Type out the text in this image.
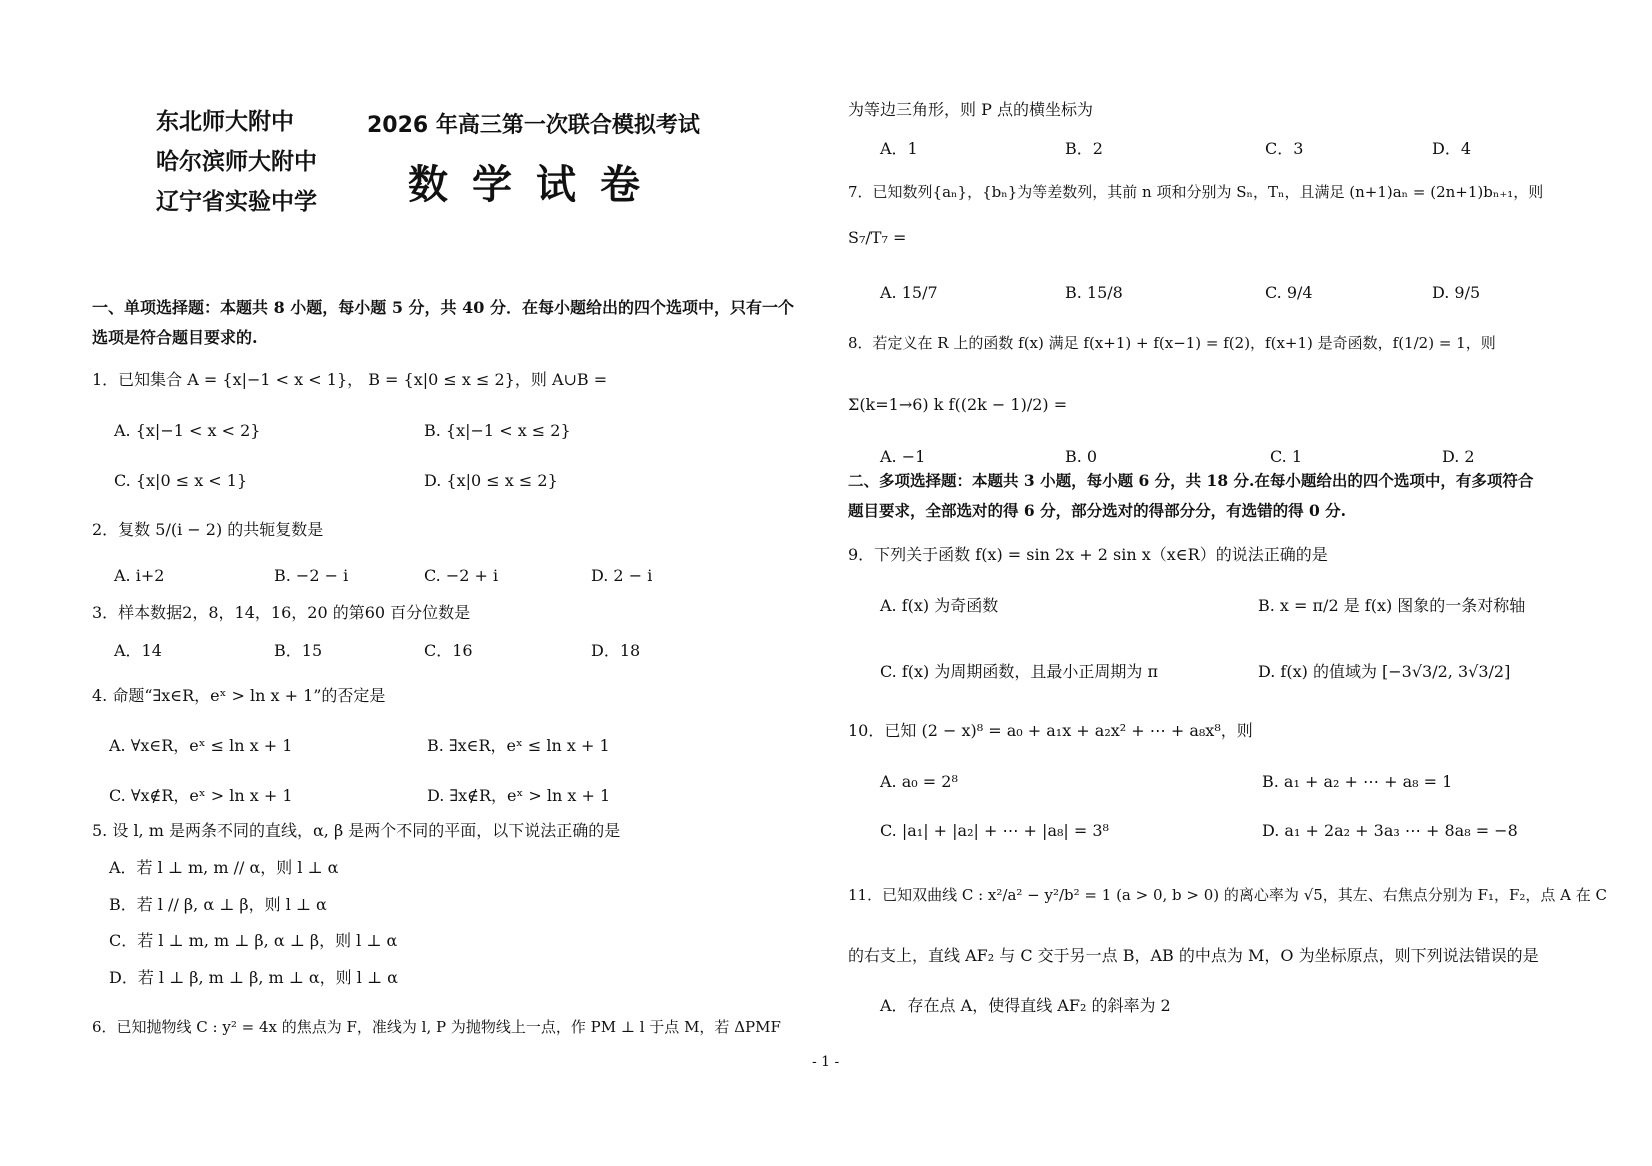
东北师大附中
哈尔滨师大附中
辽宁省实验中学
2026 年高三第一次联合模拟考试
数学试卷
一、单项选择题：本题共 8 小题，每小题 5 分，共 40 分．在每小题给出的四个选项中，只有一个
选项是符合题目要求的.
1．已知集合 A = {x|−1 < x < 1}， B = {x|0 ≤ x ≤ 2}，则 A∪B =
A. {x|−1 < x < 2}	B. {x|−1 < x ≤ 2}
C. {x|0 ≤ x < 1}	D. {x|0 ≤ x ≤ 2}
2．复数 5/(i − 2) 的共轭复数是
A. i+2	B. −2 − i	C. −2 + i	D. 2 − i
3．样本数据2，8，14，16，20 的第60 百分位数是
A．14	B．15	C．16	D．18
4. 命题“∃x∈R，eˣ > ln x + 1”的否定是
A. ∀x∈R，eˣ ≤ ln x + 1	B. ∃x∈R，eˣ ≤ ln x + 1
C. ∀x∉R，eˣ > ln x + 1	D. ∃x∉R，eˣ > ln x + 1
5. 设 l, m 是两条不同的直线，α, β 是两个不同的平面，以下说法正确的是
A．若 l ⊥ m, m // α，则 l ⊥ α
B．若 l // β, α ⊥ β，则 l ⊥ α
C．若 l ⊥ m, m ⊥ β, α ⊥ β，则 l ⊥ α
D．若 l ⊥ β, m ⊥ β, m ⊥ α，则 l ⊥ α
6．已知抛物线 C : y² = 4x 的焦点为 F，准线为 l, P 为抛物线上一点，作 PM ⊥ l 于点 M，若 ΔPMF
为等边三角形，则 P 点的横坐标为
A．1	B．2	C．3	D．4
7．已知数列{aₙ}，{bₙ}为等差数列，其前 n 项和分别为 Sₙ，Tₙ，且满足 (n+1)aₙ = (2n+1)bₙ₊₁，则
S₇/T₇ =
A. 15/7	B. 15/8	C. 9/4	D. 9/5
8．若定义在 R 上的函数 f(x) 满足 f(x+1) + f(x−1) = f(2)，f(x+1) 是奇函数，f(1/2) = 1，则
Σ(k=1→6) k f((2k − 1)/2) =
A. −1	B. 0	C. 1	D. 2
二、多项选择题：本题共 3 小题，每小题 6 分，共 18 分.在每小题给出的四个选项中，有多项符合
题目要求，全部选对的得 6 分，部分选对的得部分分，有选错的得 0 分.
9．下列关于函数 f(x) = sin 2x + 2 sin x（x∈R）的说法正确的是
A. f(x) 为奇函数	B. x = π/2 是 f(x) 图象的一条对称轴
C. f(x) 为周期函数，且最小正周期为 π	D. f(x) 的值域为 [−3√3/2, 3√3/2]
10．已知 (2 − x)⁸ = a₀ + a₁x + a₂x² + ⋯ + a₈x⁸，则
A. a₀ = 2⁸	B. a₁ + a₂ + ⋯ + a₈ = 1
C. |a₁| + |a₂| + ⋯ + |a₈| = 3⁸	D. a₁ + 2a₂ + 3a₃ ⋯ + 8a₈ = −8
11．已知双曲线 C : x²/a² − y²/b² = 1 (a > 0, b > 0) 的离心率为 √5，其左、右焦点分别为 F₁，F₂，点 A 在 C
的右支上，直线 AF₂ 与 C 交于另一点 B，AB 的中点为 M，O 为坐标原点，则下列说法错误的是
A．存在点 A，使得直线 AF₂ 的斜率为 2
- 1 -
